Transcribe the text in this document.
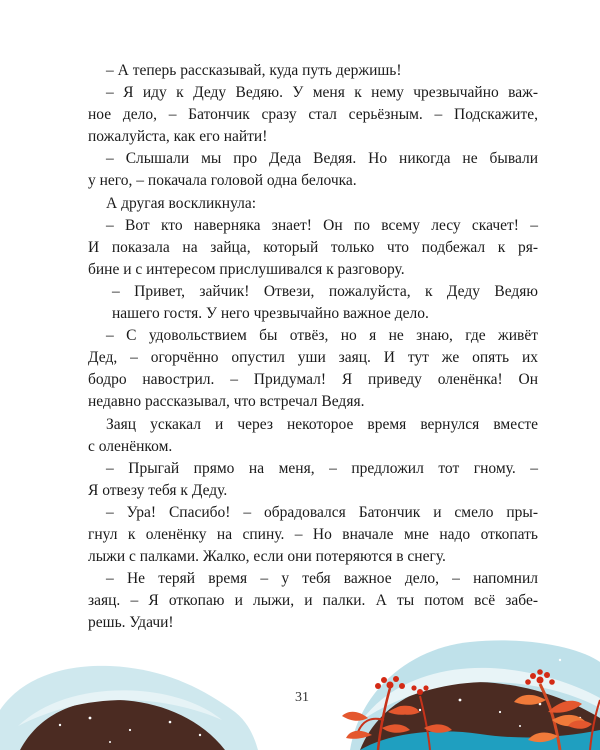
– А теперь рассказывай, куда путь держишь!
– Я иду к Деду Ведяю. У меня к нему чрезвычайно важ-
ное дело, – Батончик сразу стал серьёзным. – Подскажите,
пожалуйста, как его найти!
– Слышали мы про Деда Ведяя. Но никогда не бывали
у него, – покачала головой одна белочка.
А другая воскликнула:
– Вот кто наверняка знает! Он по всему лесу скачет! –
И показала на зайца, который только что подбежал к ря-
бине и с интересом прислушивался к разговору.
– Привет, зайчик! Отвези, пожалуйста, к Деду Ведяю
нашего гостя. У него чрезвычайно важное дело.
– С удовольствием бы отвёз, но я не знаю, где живёт
Дед, – огорчённо опустил уши заяц. И тут же опять их
бодро навострил. – Придумал! Я приведу оленёнка! Он
недавно рассказывал, что встречал Ведяя.
Заяц ускакал и через некоторое время вернулся вместе
с оленёнком.
– Прыгай прямо на меня, – предложил тот гному. –
Я отвезу тебя к Деду.
– Ура! Спасибо! – обрадовался Батончик и смело пры-
гнул к оленёнку на спину. – Но вначале мне надо откопать
лыжи с палками. Жалко, если они потеряются в снегу.
– Не теряй время – у тебя важное дело, – напомнил
заяц. – Я откопаю и лыжи, и палки. А ты потом всё забе-
решь. Удачи!
31
